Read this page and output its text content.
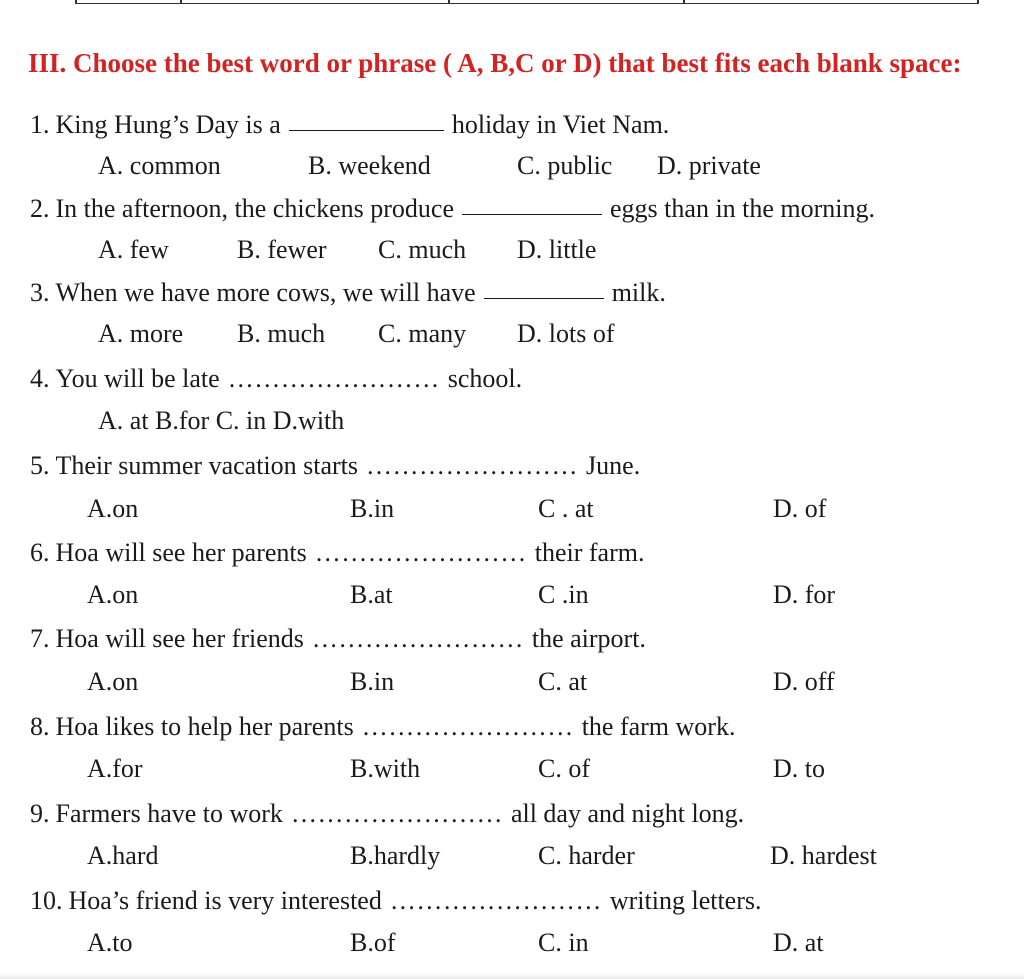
III. Choose the best word or phrase ( A, B,C or D) that best fits each blank space:
1. King Hung’s Day is a	holiday in Viet Nam.
A. common	B. weekend	C. public D. private
2. In the afternoon, the chickens produce	eggs than in the morning.
A. few	B. fewer C. much D. little
3. When we have more cows, we will have	milk.
A. more B. much C. many D. lots of
4. You will be late …………………… school.
A. at B.for C. in D.with
5. Their summer vacation starts …………………… June.
A.on	B.in	C . at	D. of
6. Hoa will see her parents …………………… their farm.
A.on	B.at	C .in	D. for
7. Hoa will see her friends …………………… the airport.
A.on	B.in	C. at	D. off
8. Hoa likes to help her parents …………………… the farm work.
A.for	B.with	C. of	D. to
9. Farmers have to work …………………… all day and night long.
A.hard	B.hardly	C. harder	D. hardest
10. Hoa’s friend is very interested …………………… writing letters.
A.to	B.of	C. in	D. at
